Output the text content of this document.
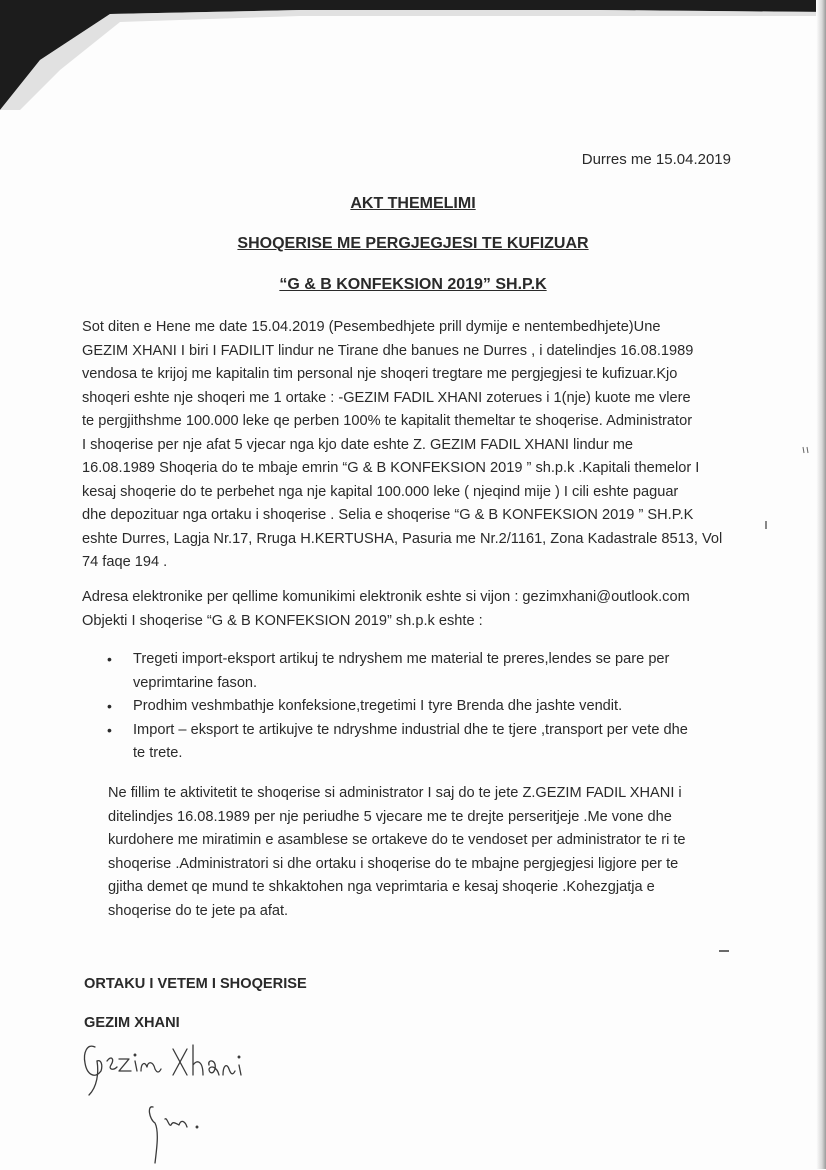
Durres me 15.04.2019
AKT THEMELIMI
SHOQERISE ME PERGJEGJESI TE KUFIZUAR
“G & B KONFEKSION 2019” SH.P.K
Sot diten e Hene me date 15.04.2019 (Pesembedhjete prill dymije e nentembedhjete)Une
GEZIM XHANI I biri I FADILIT lindur ne Tirane dhe banues ne Durres , i datelindjes 16.08.1989
vendosa te krijoj me kapitalin tim personal nje shoqeri tregtare me pergjegjesi te kufizuar.Kjo
shoqeri eshte nje shoqeri me 1 ortake : -GEZIM FADIL XHANI zoterues i 1(nje) kuote me vlere
te pergjithshme 100.000 leke qe perben 100% te kapitalit themeltar te shoqerise. Administrator
I shoqerise per nje afat 5 vjecar nga kjo date eshte Z. GEZIM FADIL XHANI lindur me
16.08.1989 Shoqeria do te mbaje emrin “G & B KONFEKSION 2019 ” sh.p.k .Kapitali themelor I
kesaj shoqerie do te perbehet nga nje kapital 100.000 leke ( njeqind mije ) I cili eshte paguar
dhe depozituar nga ortaku i shoqerise . Selia e shoqerise “G & B KONFEKSION 2019 ” SH.P.K
eshte Durres, Lagja Nr.17, Rruga H.KERTUSHA, Pasuria me Nr.2/1161, Zona Kadastrale 8513, Vol
74 faqe 194 .
Adresa elektronike per qellime komunikimi elektronik eshte si vijon : gezimxhani@outlook.com
Objekti I shoqerise “G & B KONFEKSION 2019” sh.p.k eshte :
• Tregeti import-eksport artikuj te ndryshem me material te preres,lendes se pare per
veprimtarine fason.
• Prodhim veshmbathje konfeksione,tregetimi I tyre Brenda dhe jashte vendit.
• Import – eksport te artikujve te ndryshme industrial dhe te tjere ,transport per vete dhe
te trete.
Ne fillim te aktivitetit te shoqerise si administrator I saj do te jete Z.GEZIM FADIL XHANI i
ditelindjes 16.08.1989 per nje periudhe 5 vjecare me te drejte perseritjeje .Me vone dhe
kurdohere me miratimin e asamblese se ortakeve do te vendoset per administrator te ri te
shoqerise .Administratori si dhe ortaku i shoqerise do te mbajne pergjegjesi ligjore per te
gjitha demet qe mund te shkaktohen nga veprimtaria e kesaj shoqerie .Kohezgjatja e
shoqerise do te jete pa afat.
ORTAKU I VETEM I SHOQERISE
GEZIM XHANI
